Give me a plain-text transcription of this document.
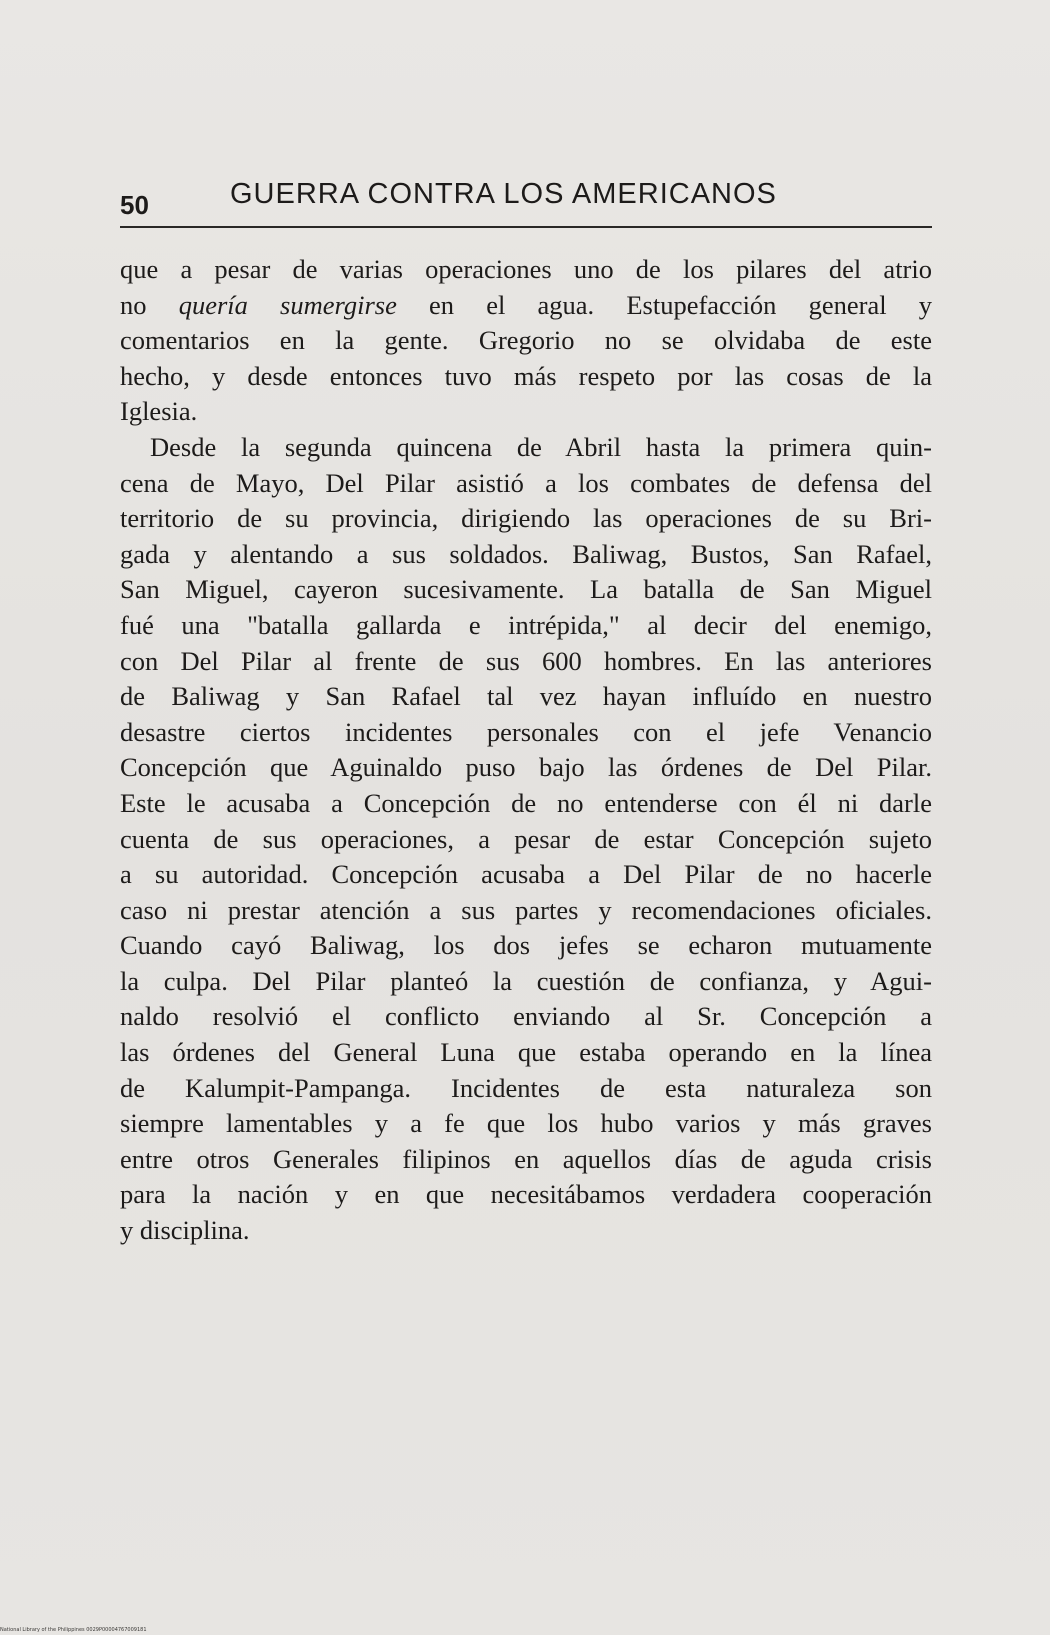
50	GUERRA CONTRA LOS AMERICANOS
que a pesar de varias operaciones uno de los pilares del atrio
no quería sumergirse en el agua. Estupefacción general y
comentarios en la gente. Gregorio no se olvidaba de este
hecho, y desde entonces tuvo más respeto por las cosas de la
Iglesia.
Desde la segunda quincena de Abril hasta la primera quin-
cena de Mayo, Del Pilar asistió a los combates de defensa del
territorio de su provincia, dirigiendo las operaciones de su Bri-
gada y alentando a sus soldados. Baliwag, Bustos, San Rafael,
San Miguel, cayeron sucesivamente. La batalla de San Miguel
fué una "batalla gallarda e intrépida," al decir del enemigo,
con Del Pilar al frente de sus 600 hombres. En las anteriores
de Baliwag y San Rafael tal vez hayan influído en nuestro
desastre ciertos incidentes personales con el jefe Venancio
Concepción que Aguinaldo puso bajo las órdenes de Del Pilar.
Este le acusaba a Concepción de no entenderse con él ni darle
cuenta de sus operaciones, a pesar de estar Concepción sujeto
a su autoridad. Concepción acusaba a Del Pilar de no hacerle
caso ni prestar atención a sus partes y recomendaciones oficiales.
Cuando cayó Baliwag, los dos jefes se echaron mutuamente
la culpa. Del Pilar planteó la cuestión de confianza, y Agui-
naldo resolvió el conflicto enviando al Sr. Concepción a
las órdenes del General Luna que estaba operando en la línea
de Kalumpit-Pampanga. Incidentes de esta naturaleza son
siempre lamentables y a fe que los hubo varios y más graves
entre otros Generales filipinos en aquellos días de aguda crisis
para la nación y en que necesitábamos verdadera cooperación
y disciplina.
National Library of the Philippines 0029P00004767009181
